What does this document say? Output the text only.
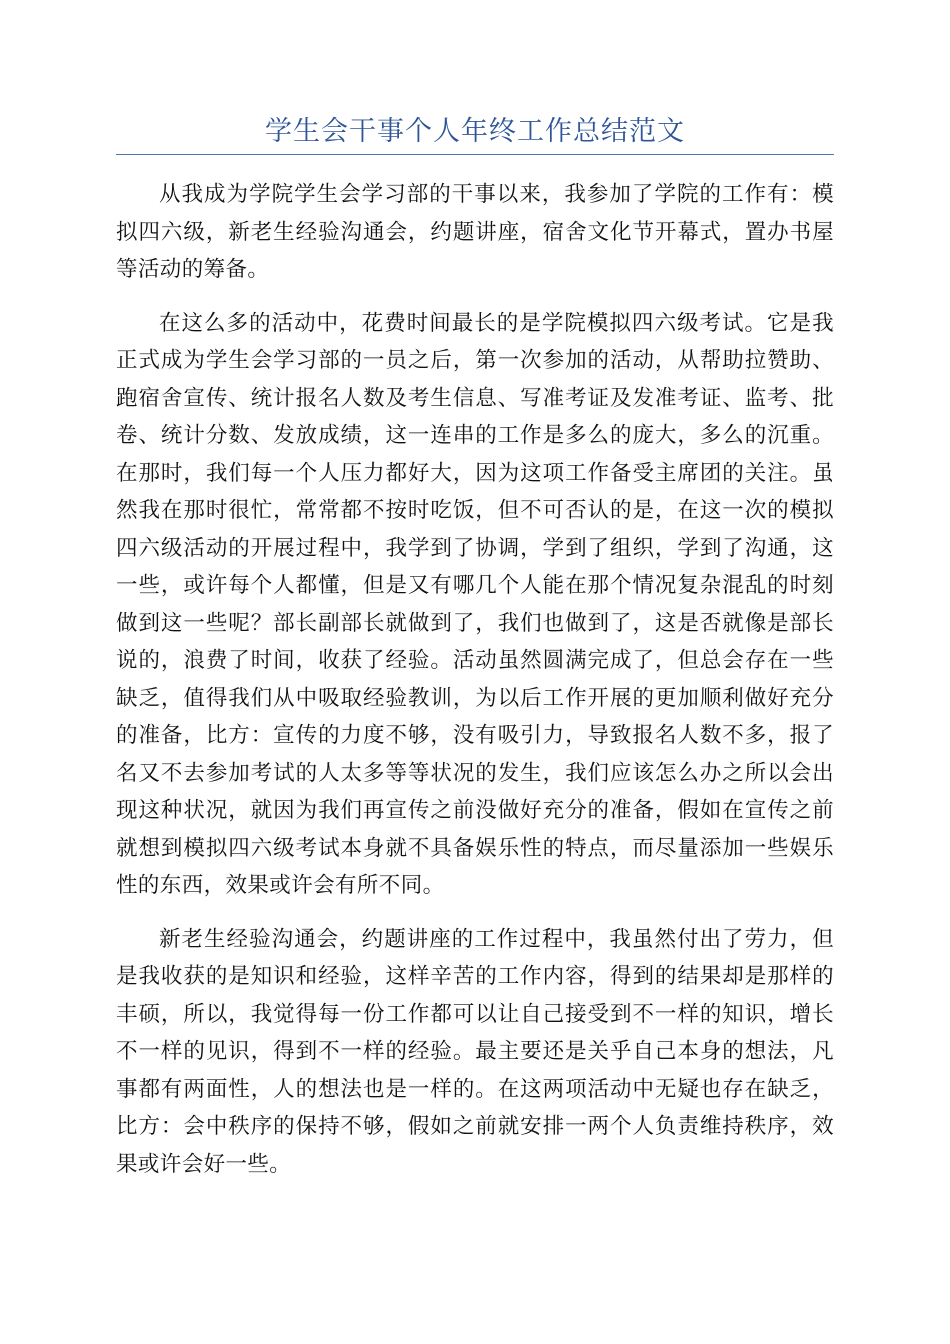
学生会干事个人年终工作总结范文

从我成为学院学生会学习部的干事以来，我参加了学院的工作有：模拟四六级，新老生经验沟通会，约题讲座，宿舍文化节开幕式，置办书屋等活动的筹备。

在这么多的活动中，花费时间最长的是学院模拟四六级考试。它是我正式成为学生会学习部的一员之后，第一次参加的活动，从帮助拉赞助、跑宿舍宣传、统计报名人数及考生信息、写准考证及发准考证、监考、批卷、统计分数、发放成绩，这一连串的工作是多么的庞大，多么的沉重。在那时，我们每一个人压力都好大，因为这项工作备受主席团的关注。虽然我在那时很忙，常常都不按时吃饭，但不可否认的是，在这一次的模拟四六级活动的开展过程中，我学到了协调，学到了组织，学到了沟通，这一些，或许每个人都懂，但是又有哪几个人能在那个情况复杂混乱的时刻做到这一些呢？部长副部长就做到了，我们也做到了，这是否就像是部长说的，浪费了时间，收获了经验。活动虽然圆满完成了，但总会存在一些缺乏，值得我们从中吸取经验教训，为以后工作开展的更加顺利做好充分的准备，比方：宣传的力度不够，没有吸引力，导致报名人数不多，报了名又不去参加考试的人太多等等状况的发生，我们应该怎么办之所以会出现这种状况，就因为我们再宣传之前没做好充分的准备，假如在宣传之前就想到模拟四六级考试本身就不具备娱乐性的特点，而尽量添加一些娱乐性的东西，效果或许会有所不同。

新老生经验沟通会，约题讲座的工作过程中，我虽然付出了劳力，但是我收获的是知识和经验，这样辛苦的工作内容，得到的结果却是那样的丰硕，所以，我觉得每一份工作都可以让自己接受到不一样的知识，增长不一样的见识，得到不一样的经验。最主要还是关乎自己本身的想法，凡事都有两面性，人的想法也是一样的。在这两项活动中无疑也存在缺乏，比方：会中秩序的保持不够，假如之前就安排一两个人负责维持秩序，效果或许会好一些。
